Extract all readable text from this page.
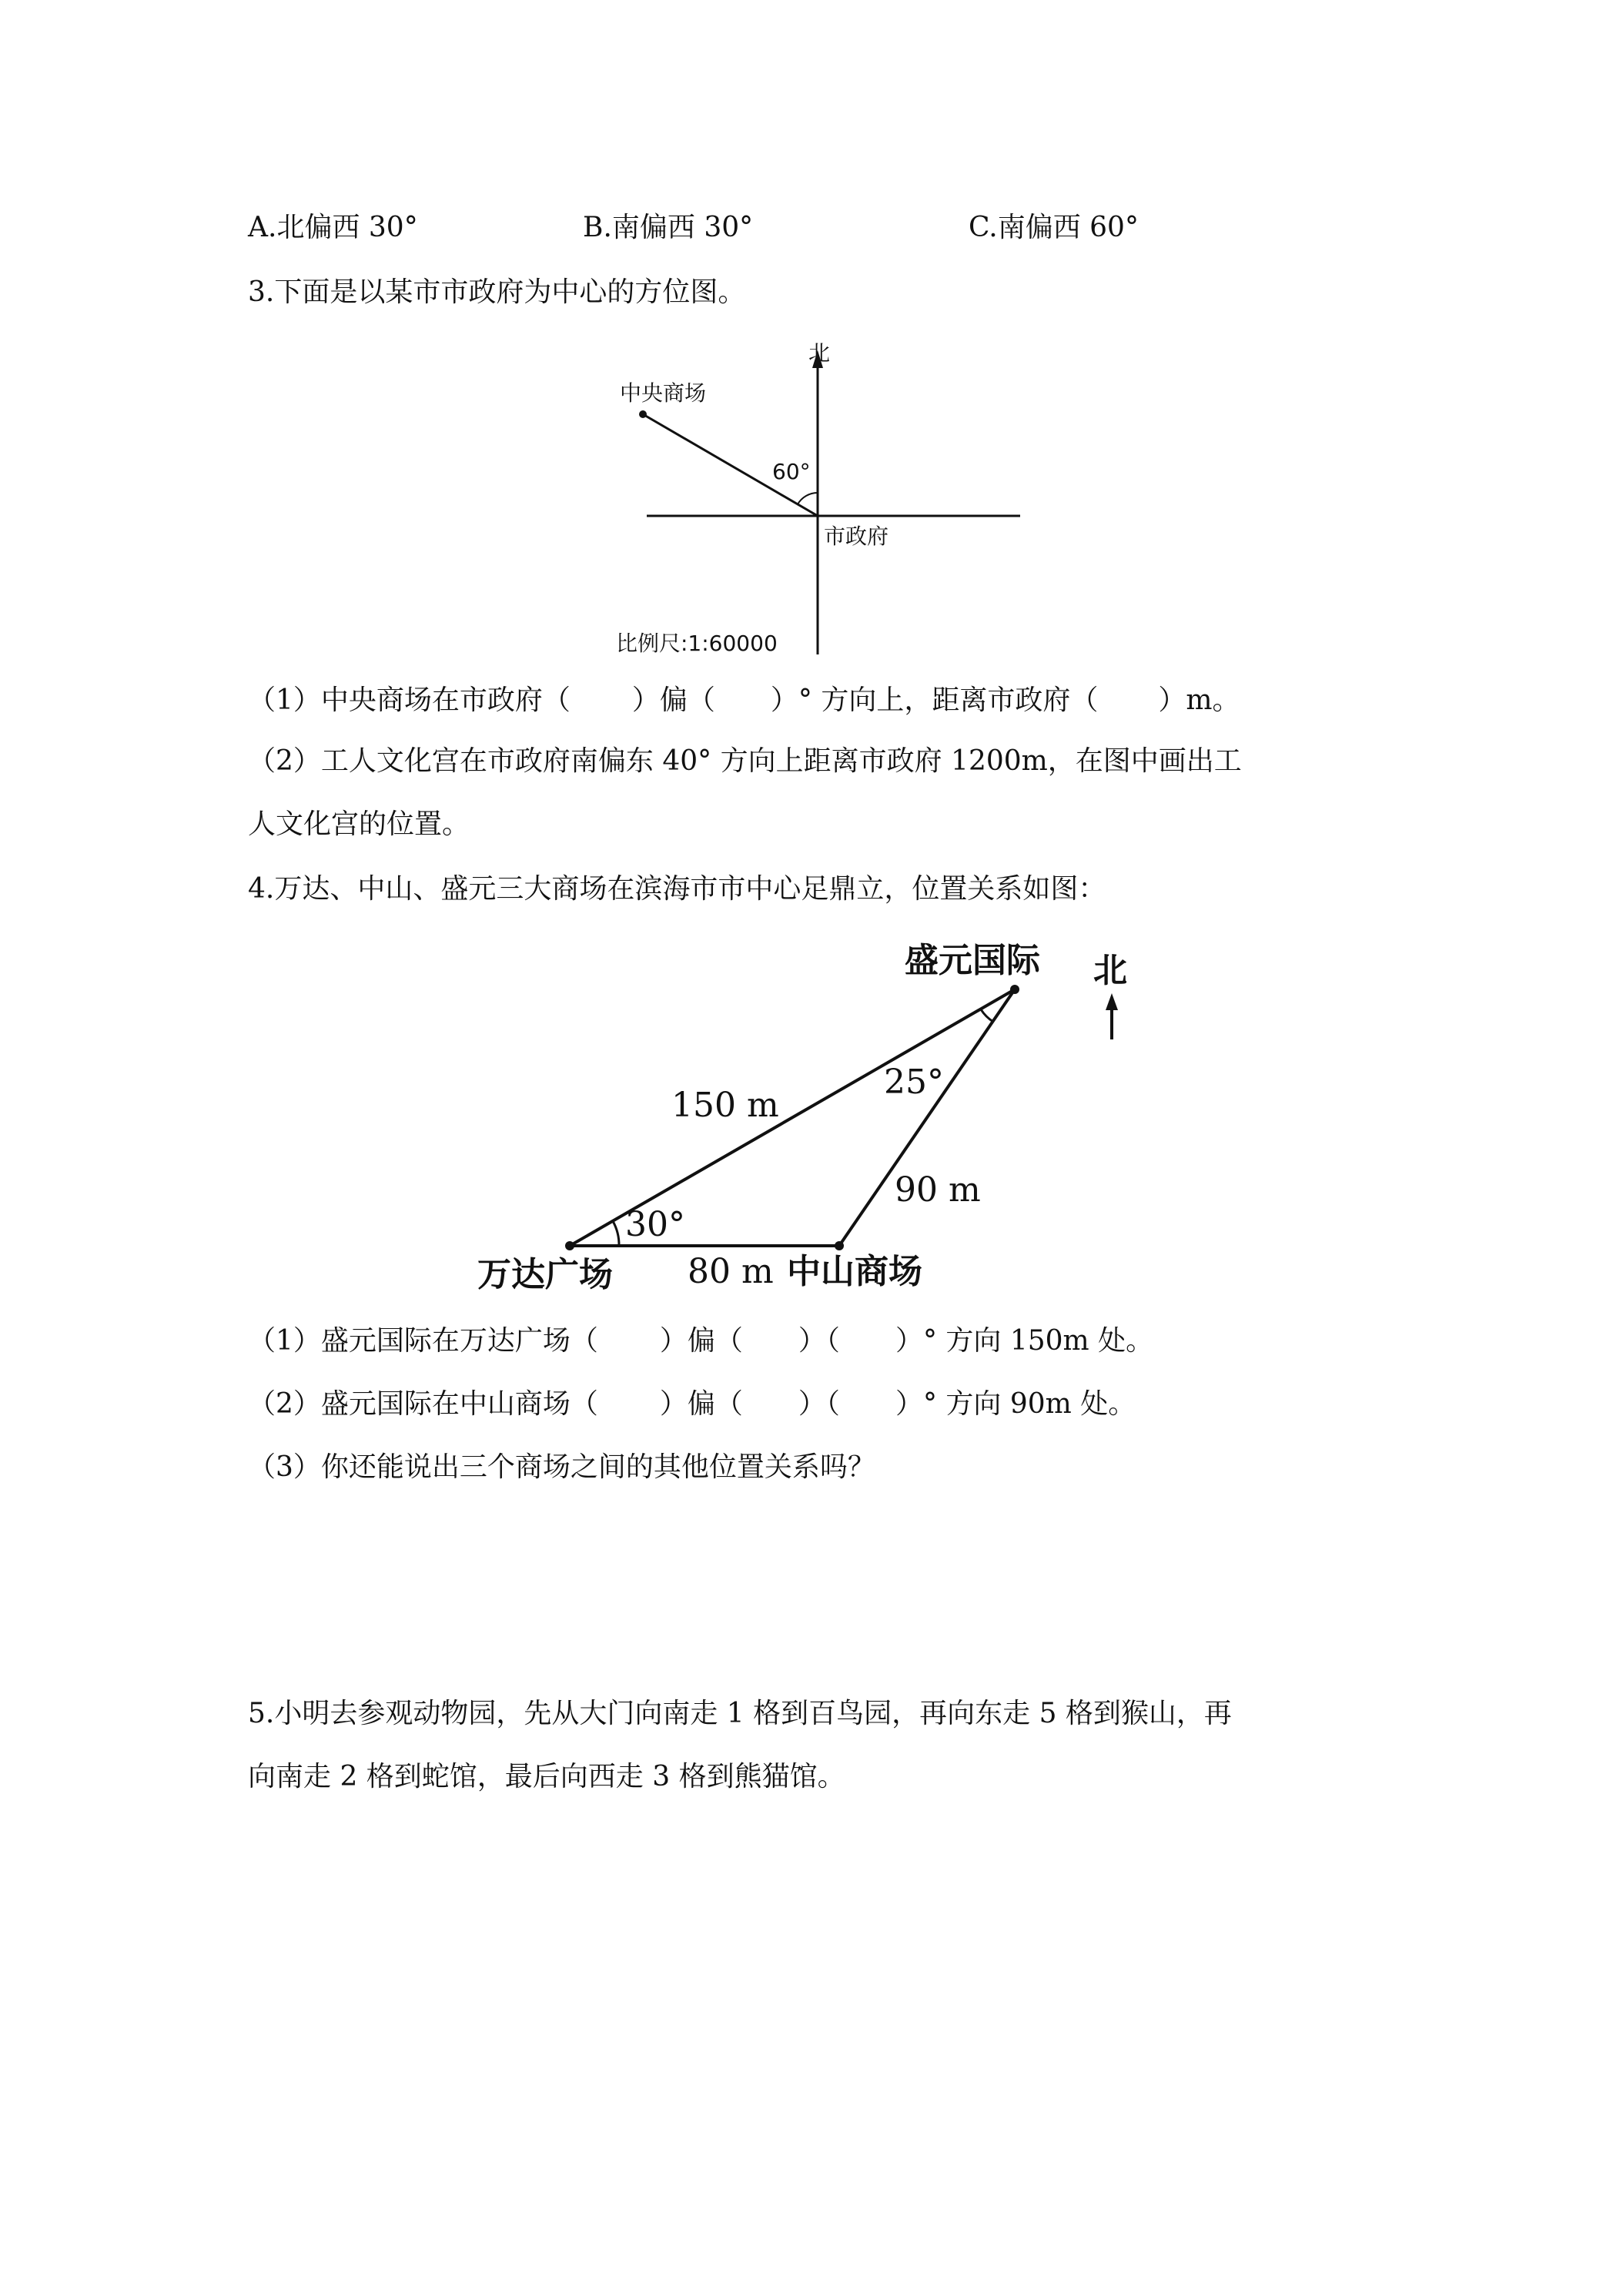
A.北偏西 30°	B.南偏西 30°	C.南偏西 60°
3.下面是以某市市政府为中心的方位图。
北
中央商场
60°
市政府
比例尺:1:60000
（1）中央商场在市政府（ ）偏（ ）° 方向上，距离市政府（ ）m。
（2）工人文化宫在市政府南偏东 40° 方向上距离市政府 1200m，在图中画出工
人文化宫的位置。
4.万达、中山、盛元三大商场在滨海市市中心足鼎立，位置关系如图：
北
盛元国际
万达广场	中山商场
150 m
90 m
80 m
25°
30°
（1）盛元国际在万达广场（ ）偏（ ）（ ）° 方向 150m 处。
（2）盛元国际在中山商场（ ）偏（ ）（ ）° 方向 90m 处。
（3）你还能说出三个商场之间的其他位置关系吗？
5.小明去参观动物园，先从大门向南走 1 格到百鸟园，再向东走 5 格到猴山，再
向南走 2 格到蛇馆，最后向西走 3 格到熊猫馆。
